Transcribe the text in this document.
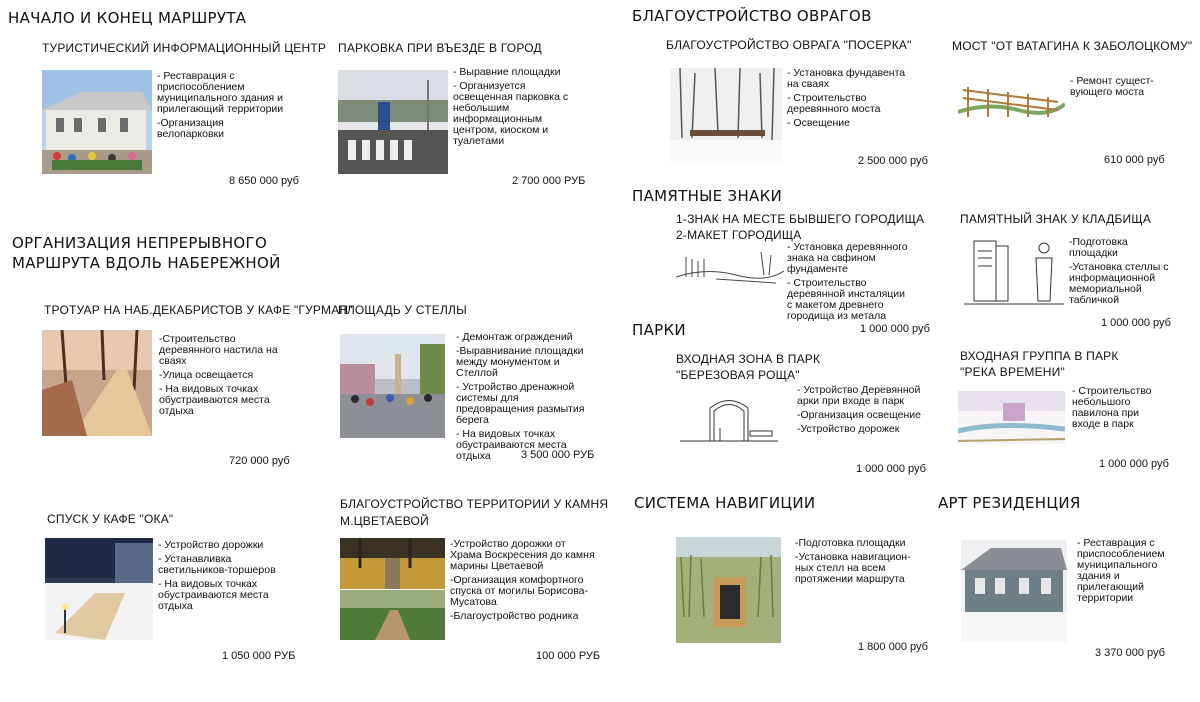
НАЧАЛО И КОНЕЦ МАРШРУТА
ТУРИСТИЧЕСКИЙ ИНФОРМАЦИОННЫЙ ЦЕНТР
- Реставрация с приспособлением муниципального здания и прилегающий территории
-Организация велопарковки
8 650 000 руб
ПАРКОВКА ПРИ ВЪЕЗДЕ В ГОРОД
- Выравние площадки
- Организуется освещенная парковка с небольшим информационным центром, киоском и туалетами
2 700 000 РУБ
ОРГАНИЗАЦИЯ НЕПРЕРЫВНОГО
МАРШРУТА ВДОЛЬ НАБЕРЕЖНОЙ
ТРОТУАР НА НАБ.ДЕКАБРИСТОВ У КАФЕ "ГУРМАН"
-Строительство деревянного настила на сваях
-Улица освещается
- На видовых точках обустраиваются места отдыха
720 000 руб
ПЛОЩАДЬ У СТЕЛЛЫ
- Демонтаж ограждений
-Выравнивание площадки между монументом и Стеллой
- Устройство дренажной системы для предовращения размытия берега
- На видовых точках обустраиваются места отдыха	3 500 000 РУБ
СПУСК У КАФЕ "ОКА"
- Устройство дорожки
- Устанавливка светильников-торшеров
- На видовых точках обустраиваются места отдыха
1 050 000 РУБ
БЛАГОУСТРОЙСТВО ТЕРРИТОРИИ У КАМНЯ
М.ЦВЕТАЕВОЙ
-Устройство дорожки от Храма Воскресения до камня марины Цветаевой
-Организация комфортного спуска от могилы Борисова-Мусатова
-Благоустройство родника
100 000 РУБ
БЛАГОУСТРОЙСТВО ОВРАГОВ
БЛАГОУСТРОЙСТВО ОВРАГА "ПОСЕРКА"
- Установка фундавента на сваях
- Строительство деревянного моста
- Освещение
2 500 000 руб
МОСТ "ОТ ВАТАГИНА К ЗАБОЛОЦКОМУ"
- Ремонт сущест-вующего моста
610 000 руб
ПАМЯТНЫЕ ЗНАКИ
1-ЗНАК НА МЕСТЕ БЫВШЕГО ГОРОДИЩА
2-МАКЕТ ГОРОДИЩА
- Установка деревянного знака на свфином фундаменте
- Строительство деревянной инсталяции с макетом древнего городища из метала
1 000 000 руб
ПАМЯТНЫЙ ЗНАК У КЛАДБИЩА
-Подготовка площадки
-Установка стеллы с информационной мемориальной табличкой
1 000 000 руб
ПАРКИ
ВХОДНАЯ ЗОНА В ПАРК
"БЕРЕЗОВАЯ РОЩА"
- Устройство Деревянной арки при входе в парк
-Организация освещение
-Устройство дорожек
1 000 000 руб
ВХОДНАЯ ГРУППА В ПАРК
"РЕКА ВРЕМЕНИ"
- Строительство небольшого павилона при входе в парк
1 000 000 руб
СИСТЕМА НАВИГИЦИИ
-Подготовка площадки
-Установка навигацион-ных стелл на всем протяжении маршрута
1 800 000 руб
АРТ РЕЗИДЕНЦИЯ
- Реставрация с приспособлением муниципального здания и прилегающий территории
3 370 000 руб
